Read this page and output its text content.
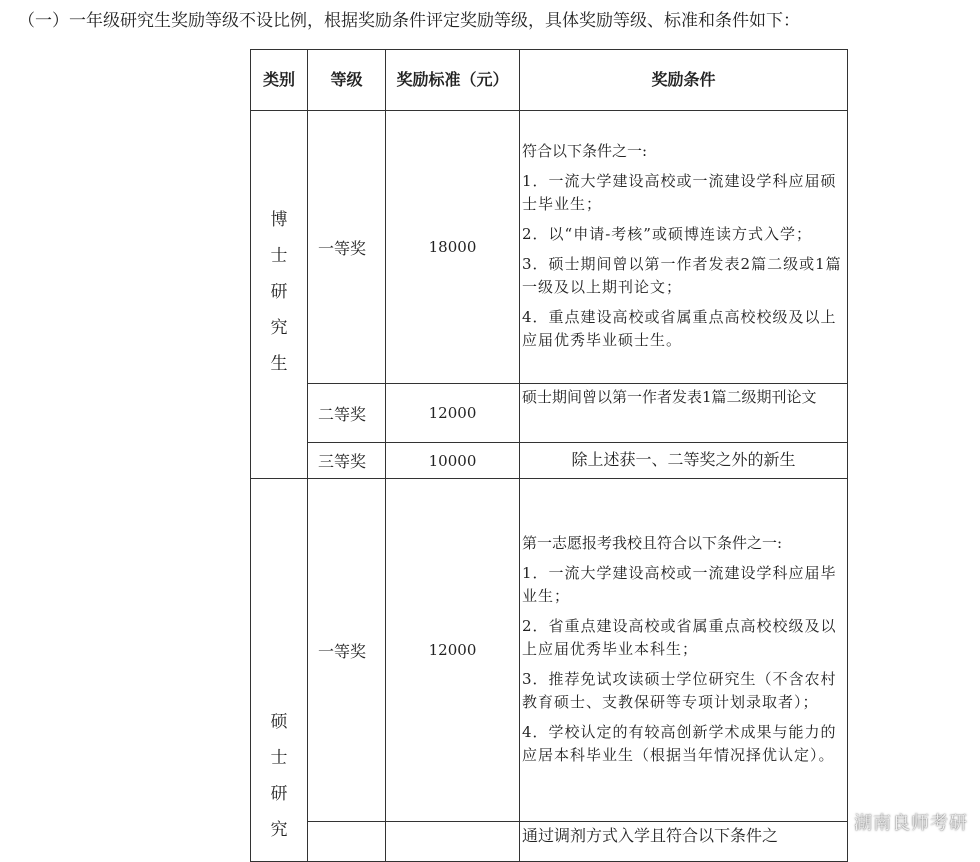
（一）一年级研究生奖励等级不设比例，根据奖励条件评定奖励等级，具体奖励等级、标准和条件如下：
类别	等级	奖励标准（元）	奖励条件

博
士
研
究
生	一等奖	18000	符合以下条件之一:
1．一流大学建设高校或一流建设学科应届硕士毕业生；
2．以“申请-考核”或硕博连读方式入学；
3．硕士期间曾以第一作者发表2篇二级或1篇一级及以上期刊论文；
4．重点建设高校或省属重点高校校级及以上应届优秀毕业硕士生。

	二等奖	12000	硕士期间曾以第一作者发表1篇二级期刊论文
	三等奖	10000	除上述获一、二等奖之外的新生

硕
士
研
究	一等奖	12000	第一志愿报考我校且符合以下条件之一:
1．一流大学建设高校或一流建设学科应届毕业生；
2．省重点建设高校或省属重点高校校级及以上应届优秀毕业本科生；
3．推荐免试攻读硕士学位研究生（不含农村教育硕士、支教保研等专项计划录取者）；
4．学校认定的有较高创新学术成果与能力的应居本科毕业生（根据当年情况择优认定）。

			通过调剂方式入学且符合以下条件之
湖南良师考研
